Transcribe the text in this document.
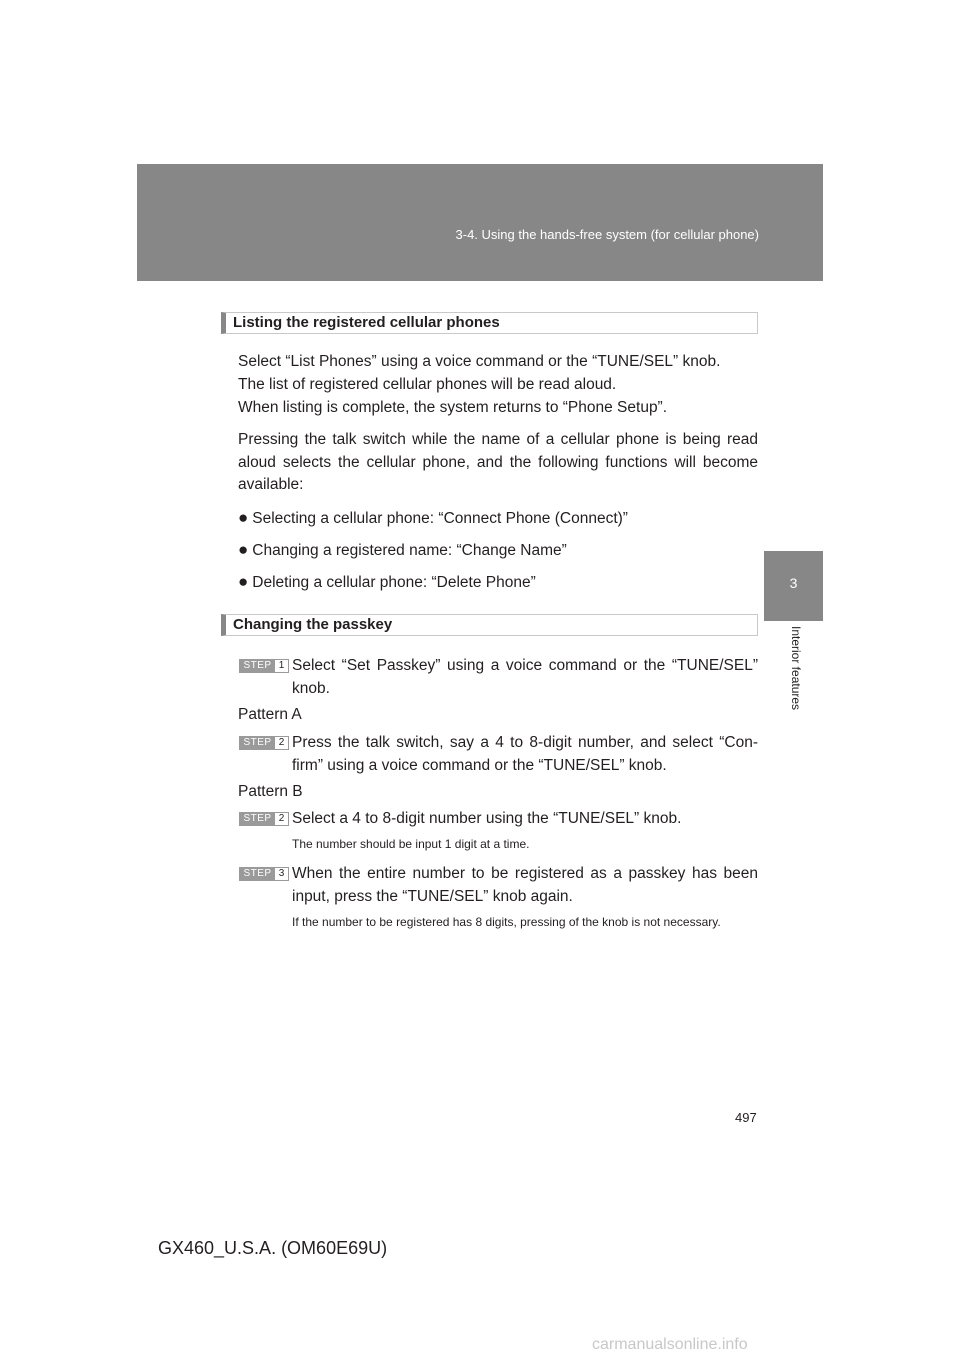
3-4. Using the hands-free system (for cellular phone)
3
Interior features
Listing the registered cellular phones
Select “List Phones” using a voice command or the “TUNE/SEL” knob.
The list of registered cellular phones will be read aloud.
When listing is complete, the system returns to “Phone Setup”.
Pressing the talk switch while the name of a cellular phone is being read aloud selects the cellular phone, and the following functions will become available:
● Selecting a cellular phone: “Connect Phone (Connect)”
● Changing a registered name: “Change Name”
● Deleting a cellular phone: “Delete Phone”
Changing the passkey
STEP 1 Select “Set Passkey” using a voice command or the “TUNE/SEL” knob.
Pattern A
STEP 2 Press the talk switch, say a 4 to 8-digit number, and select “Con-firm” using a voice command or the “TUNE/SEL” knob.
Pattern B
STEP 2 Select a 4 to 8-digit number using the “TUNE/SEL” knob.
The number should be input 1 digit at a time.
STEP 3 When the entire number to be registered as a passkey has been input, press the “TUNE/SEL” knob again.
If the number to be registered has 8 digits, pressing of the knob is not necessary.
497
GX460_U.S.A. (OM60E69U)
carmanualsonline.info
